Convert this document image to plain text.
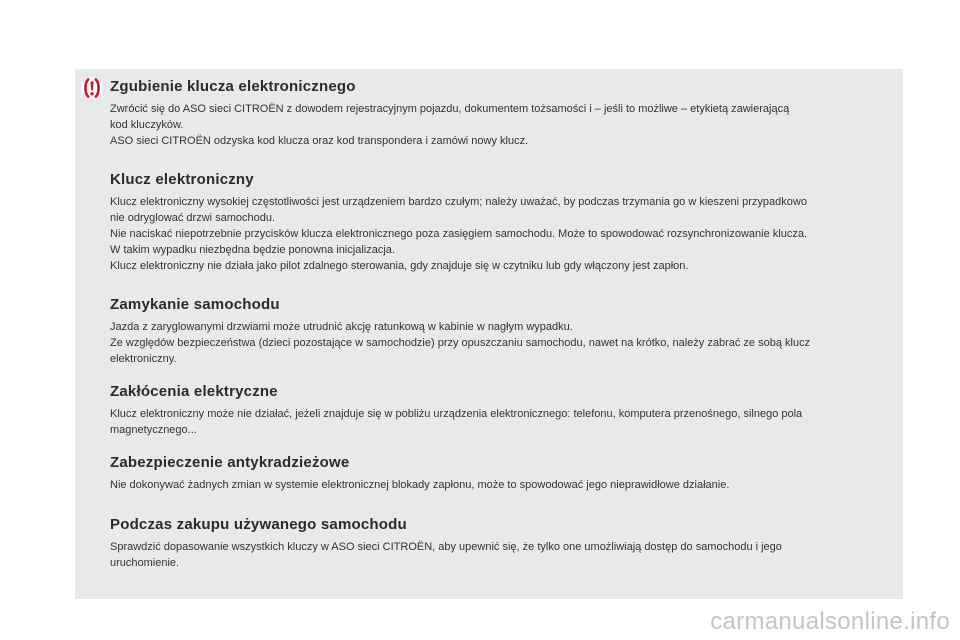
Zgubienie klucza elektronicznego

Zwrócić się do ASO sieci CITROËN z dowodem rejestracyjnym pojazdu, dokumentem tożsamości i – jeśli to możliwe – etykietą zawierającą

kod kluczyków.

ASO sieci CITROËN odzyska kod klucza oraz kod transpondera i zamówi nowy klucz.

Klucz elektroniczny

Klucz elektroniczny wysokiej częstotliwości jest urządzeniem bardzo czułym; należy uważać, by podczas trzymania go w kieszeni przypadkowo

nie odryglować drzwi samochodu.

Nie naciskać niepotrzebnie przycisków klucza elektronicznego poza zasięgiem samochodu. Może to spowodować rozsynchronizowanie klucza.

W takim wypadku niezbędna będzie ponowna inicjalizacja.

Klucz elektroniczny nie działa jako pilot zdalnego sterowania, gdy znajduje się w czytniku lub gdy włączony jest zapłon.

Zamykanie samochodu

Jazda z zaryglowanymi drzwiami może utrudnić akcję ratunkową w kabinie w nagłym wypadku.

Ze względów bezpieczeństwa (dzieci pozostające w samochodzie) przy opuszczaniu samochodu, nawet na krótko, należy zabrać ze sobą klucz

elektroniczny.

Zakłócenia elektryczne

Klucz elektroniczny może nie działać, jeżeli znajduje się w pobliżu urządzenia elektronicznego: telefonu, komputera przenośnego, silnego pola

magnetycznego...

Zabezpieczenie antykradzieżowe

Nie dokonywać żadnych zmian w systemie elektronicznej blokady zapłonu, może to spowodować jego nieprawidłowe działanie.

Podczas zakupu używanego samochodu

Sprawdzić dopasowanie wszystkich kluczy w ASO sieci CITROËN, aby upewnić się, że tylko one umożliwiają dostęp do samochodu i jego

uruchomienie.

carmanualsonline.info
